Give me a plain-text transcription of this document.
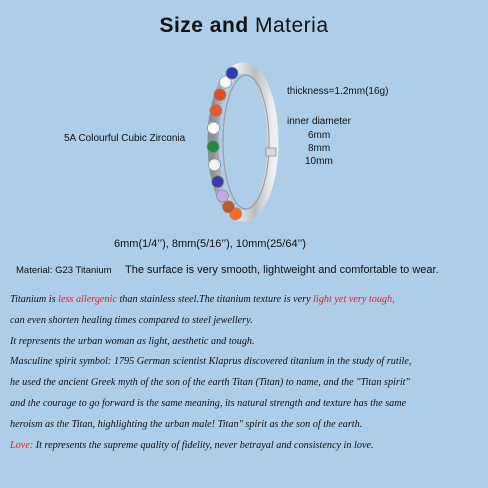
Size and Materia
thickness=1.2mm(16g)
inner diameter
6mm
8mm
10mm
5A Colourful Cubic Zirconia
6mm(1/4’’), 8mm(5/16’’), 10mm(25/64’’)
Material: G23 Titanium The surface is very smooth, lightweight and comfortable to wear.
Titanium is less allergenic than stainless steel.The titanium texture is very light yet very tough,
can even shorten healing times compared to steel jewellery.
It represents the urban woman as light, aesthetic and tough.
Masculine spirit symbol: 1795 German scientist Klaprus discovered titanium in the study of rutile,
he used the ancient Greek myth of the son of the earth Titan (Titan) to name, and the "Titan spirit"
and the courage to go forward is the same meaning, its natural strength and texture has the same
heroism as the Titan, highlighting the urban male! Titan" spirit as the son of the earth.
Love: It represents the supreme quality of fidelity, never betrayal and consistency in love.
